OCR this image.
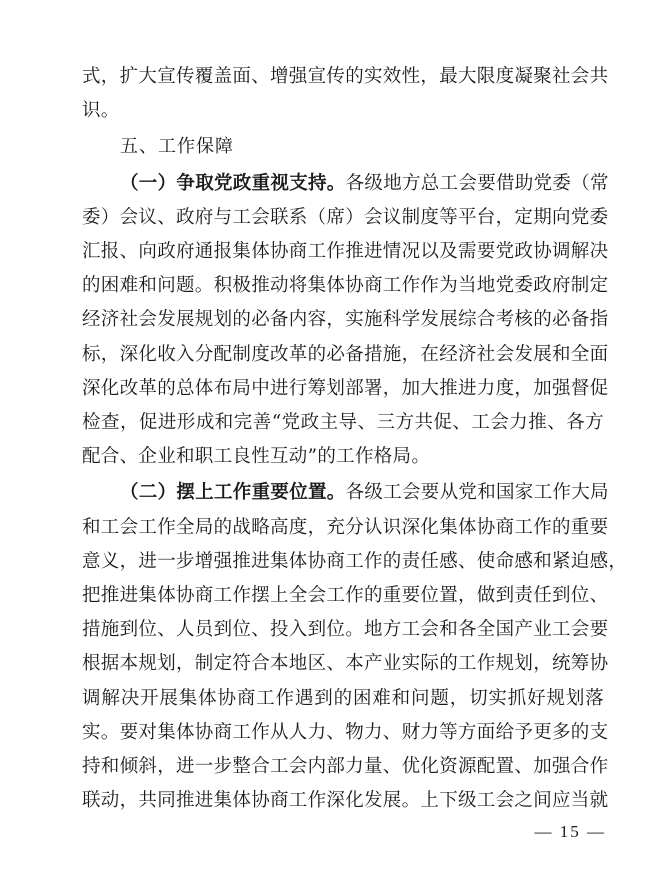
式，扩大宣传覆盖面、增强宣传的实效性，最大限度凝聚社会共
识。
五、工作保障
（一）争取党政重视支持。各级地方总工会要借助党委（常
委）会议、政府与工会联系（席）会议制度等平台，定期向党委
汇报、向政府通报集体协商工作推进情况以及需要党政协调解决
的困难和问题。积极推动将集体协商工作作为当地党委政府制定
经济社会发展规划的必备内容，实施科学发展综合考核的必备指
标，深化收入分配制度改革的必备措施，在经济社会发展和全面
深化改革的总体布局中进行筹划部署，加大推进力度，加强督促
检查，促进形成和完善“党政主导、三方共促、工会力推、各方
配合、企业和职工良性互动”的工作格局。
（二）摆上工作重要位置。各级工会要从党和国家工作大局
和工会工作全局的战略高度，充分认识深化集体协商工作的重要
意义，进一步增强推进集体协商工作的责任感、使命感和紧迫感，
把推进集体协商工作摆上全会工作的重要位置，做到责任到位、
措施到位、人员到位、投入到位。地方工会和各全国产业工会要
根据本规划，制定符合本地区、本产业实际的工作规划，统筹协
调解决开展集体协商工作遇到的困难和问题，切实抓好规划落
实。要对集体协商工作从人力、物力、财力等方面给予更多的支
持和倾斜，进一步整合工会内部力量、优化资源配置、加强合作
联动，共同推进集体协商工作深化发展。上下级工会之间应当就
— 15 —
